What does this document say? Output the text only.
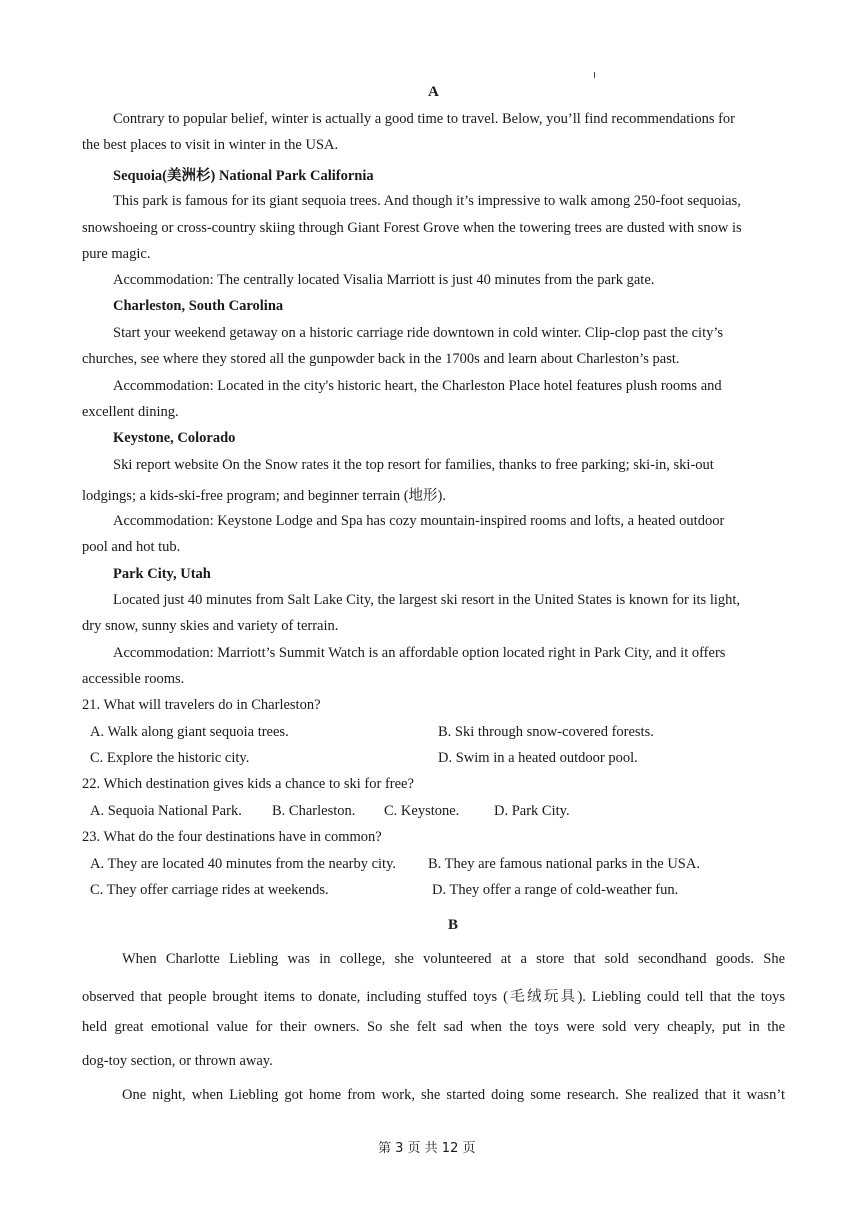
A
Contrary to popular belief, winter is actually a good time to travel. Below, you’ll find recommendations for
the best places to visit in winter in the USA.
Sequoia(美洲杉) National Park California
This park is famous for its giant sequoia trees. And though it’s impressive to walk among 250-foot sequoias,
snowshoeing or cross-country skiing through Giant Forest Grove when the towering trees are dusted with snow is
pure magic.
Accommodation: The centrally located Visalia Marriott is just 40 minutes from the park gate.
Charleston, South Carolina
Start your weekend getaway on a historic carriage ride downtown in cold winter. Clip-clop past the city’s
churches, see where they stored all the gunpowder back in the 1700s and learn about Charleston’s past.
Accommodation: Located in the city's historic heart, the Charleston Place hotel features plush rooms and
excellent dining.
Keystone, Colorado
Ski report website On the Snow rates it the top resort for families, thanks to free parking; ski-in, ski-out
lodgings; a kids-ski-free program; and beginner terrain (地形).
Accommodation: Keystone Lodge and Spa has cozy mountain-inspired rooms and lofts, a heated outdoor
pool and hot tub.
Park City, Utah
Located just 40 minutes from Salt Lake City, the largest ski resort in the United States is known for its light,
dry snow, sunny skies and variety of terrain.
Accommodation: Marriott’s Summit Watch is an affordable option located right in Park City, and it offers
accessible rooms.
21. What will travelers do in Charleston?
A. Walk along giant sequoia trees.	B. Ski through snow-covered forests.
C. Explore the historic city.	D. Swim in a heated outdoor pool.
22. Which destination gives kids a chance to ski for free?
A. Sequoia National Park. B. Charleston. C. Keystone. D. Park City.
23. What do the four destinations have in common?
A. They are located 40 minutes from the nearby city. B. They are famous national parks in the USA.
C. They offer carriage rides at weekends.	D. They offer a range of cold-weather fun.
B
When Charlotte Liebling was in college, she volunteered at a store that sold secondhand goods. She
observed that people brought items to donate, including stuffed toys (毛绒玩具). Liebling could tell that the toys
held great emotional value for their owners. So she felt sad when the toys were sold very cheaply, put in the
dog-toy section, or thrown away.
One night, when Liebling got home from work, she started doing some research. She realized that it wasn’t
第 3 页 共 12 页
